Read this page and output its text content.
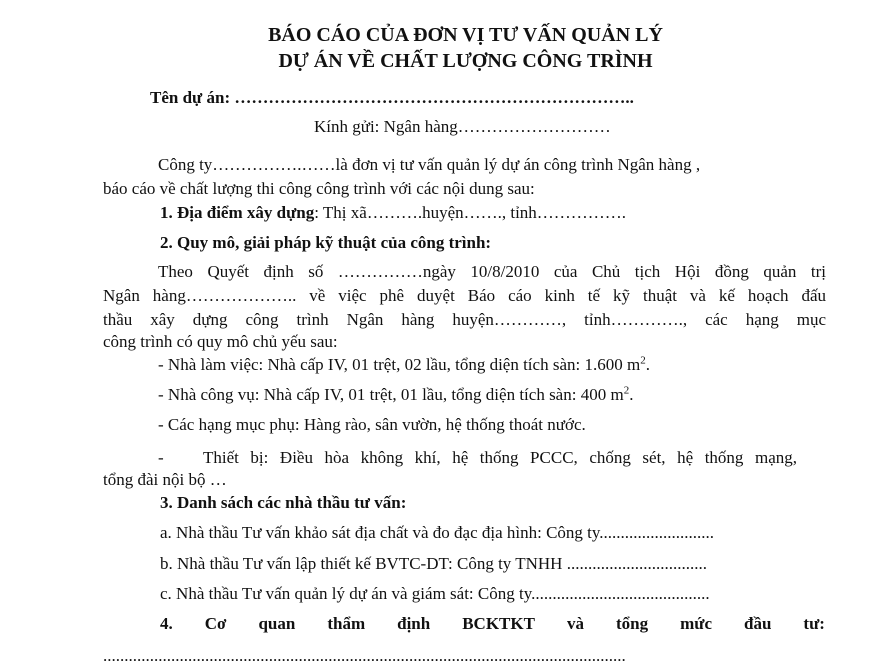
BÁO CÁO CỦA ĐƠN VỊ TƯ VẤN QUẢN LÝ
DỰ ÁN VỀ CHẤT LƯỢNG CÔNG TRÌNH
Tên dự án: ……………………………………………………………..
Kính gửi: Ngân hàng………………………
Công ty…………….……là đơn vị tư vấn quản lý dự án công trình Ngân hàng ,
báo cáo về chất lượng thi công công trình với các nội dung sau:
1. Địa điểm xây dựng: Thị xã……….huyện……., tỉnh…………….
2. Quy mô, giải pháp kỹ thuật của công trình:
Theo Quyết định số ……………ngày 10/8/2010 của Chủ tịch Hội đồng quản trị
Ngân hàng……………….. về việc phê duyệt Báo cáo kinh tế kỹ thuật và kế hoạch đấu
thầu xây dựng công trình Ngân hàng huyện…………, tỉnh…………., các hạng mục
công trình có quy mô chủ yếu sau:
- Nhà làm việc: Nhà cấp IV, 01 trệt, 02 lầu, tổng diện tích sàn: 1.600 $m^2$.
- Nhà công vụ: Nhà cấp IV, 01 trệt, 01 lầu, tổng diện tích sàn: 400 $m^2$.
- Các hạng mục phụ: Hàng rào, sân vườn, hệ thống thoát nước.
- Thiết bị: Điều hòa không khí, hệ thống PCCC, chống sét, hệ thống mạng,
tổng đài nội bộ …
3. Danh sách các nhà thầu tư vấn:
a. Nhà thầu Tư vấn khảo sát địa chất và đo đạc địa hình: Công ty...........................
b. Nhà thầu Tư vấn lập thiết kế BVTC-DT: Công ty TNHH .................................
c. Nhà thầu Tư vấn quản lý dự án và giám sát: Công ty..........................................
4. Cơ quan thẩm định BCKTKT và tổng mức đầu tư:
...........................................................................................................................
